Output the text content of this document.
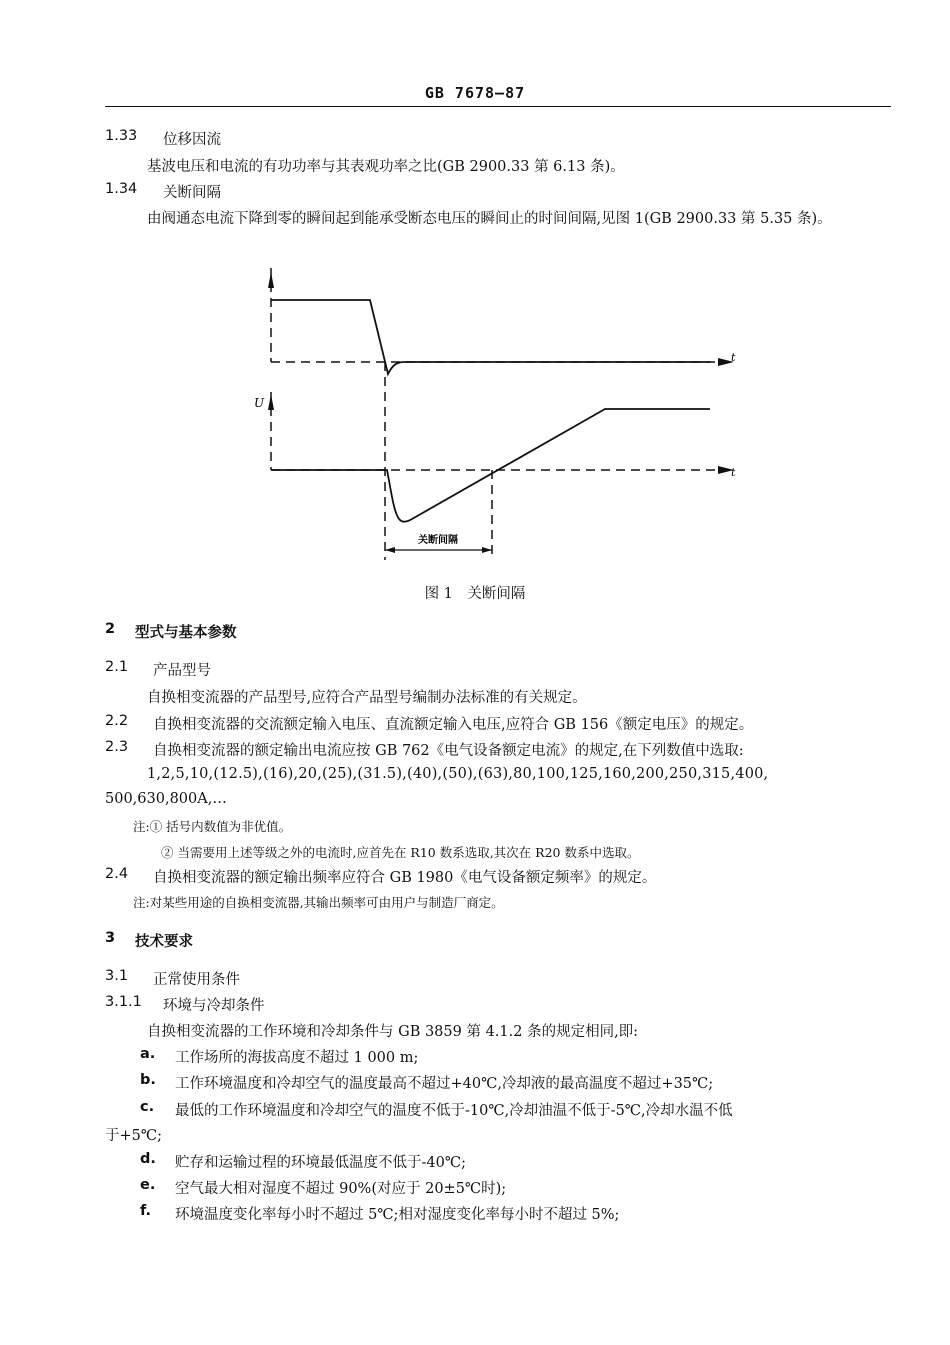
GB 7678—87
1.33 位移因流
基波电压和电流的有功功率与其表观功率之比(GB 2900.33 第 6.13 条)。
1.34 关断间隔
由阀通态电流下降到零的瞬间起到能承受断态电压的瞬间止的时间间隔,见图 1(GB 2900.33 第 5.35 条)。
t
t
U
关断间隔
图 1　关断间隔
2 型式与基本参数
2.1 产品型号
自换相变流器的产品型号,应符合产品型号编制办法标准的有关规定。
2.2 自换相变流器的交流额定输入电压、直流额定输入电压,应符合 GB 156《额定电压》的规定。
2.3 自换相变流器的额定输出电流应按 GB 762《电气设备额定电流》的规定,在下列数值中选取:
1,2,5,10,(12.5),(16),20,(25),(31.5),(40),(50),(63),80,100,125,160,200,250,315,400,
500,630,800A,…
注:① 括号内数值为非优值。
② 当需要用上述等级之外的电流时,应首先在 R10 数系选取,其次在 R20 数系中选取。
2.4 自换相变流器的额定输出频率应符合 GB 1980《电气设备额定频率》的规定。
注:对某些用途的自换相变流器,其输出频率可由用户与制造厂商定。
3 技术要求
3.1 正常使用条件
3.1.1 环境与冷却条件
自换相变流器的工作环境和冷却条件与 GB 3859 第 4.1.2 条的规定相同,即:
a. 工作场所的海拔高度不超过 1 000 m;
b. 工作环境温度和冷却空气的温度最高不超过+40℃,冷却液的最高温度不超过+35℃;
c. 最低的工作环境温度和冷却空气的温度不低于-10℃,冷却油温不低于-5℃,冷却水温不低
于+5℃;
d. 贮存和运输过程的环境最低温度不低于-40℃;
e. 空气最大相对湿度不超过 90%(对应于 20±5℃时);
f. 环境温度变化率每小时不超过 5℃;相对湿度变化率每小时不超过 5%;
